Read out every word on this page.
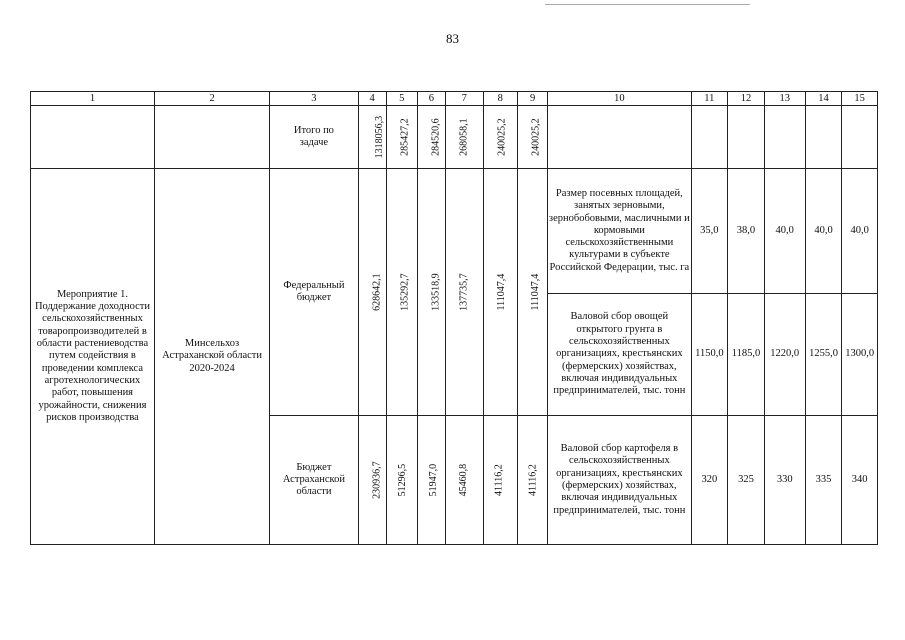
83
1	2	3	4	5	6	7	8	9	10	11	12	13	14	15

		Итого по задаче	1318056,3	285427,2	284520,6	268058,1	240025,2	240025,2						
Мероприятие 1. Поддержание доходности сельскохозяйственных товаропроизводителей в области растениеводства путем содействия в проведении комплекса агротехнологических работ, повышения урожайности, снижения рисков производства	Минсельхоз Астраханской области 2020-2024	Федеральный бюджет	628642,1	135292,7	133518,9	137735,7	111047,4	111047,4	Размер посевных площадей, занятых зерновыми, зернобобовыми, масличными и кормовыми сельскохозяйственными культурами в субъекте Российской Федерации, тыс. га	35,0	38,0	40,0	40,0	40,0
									Валовой сбор овощей открытого грунта в сельскохозяйственных организациях, крестьянских (фермерских) хозяйствах, включая индивидуальных предпринимателей, тыс. тонн	1150,0	1185,0	1220,0	1255,0	1300,0

		Бюджет Астраханской области	230936,7	51296,5	51947,0	45460,8	41116,2	41116,2	Валовой сбор картофеля в сельскохозяйственных организациях, крестьянских (фермерских) хозяйствах, включая индивидуальных предпринимателей, тыс. тонн	320	325	330	335	340
